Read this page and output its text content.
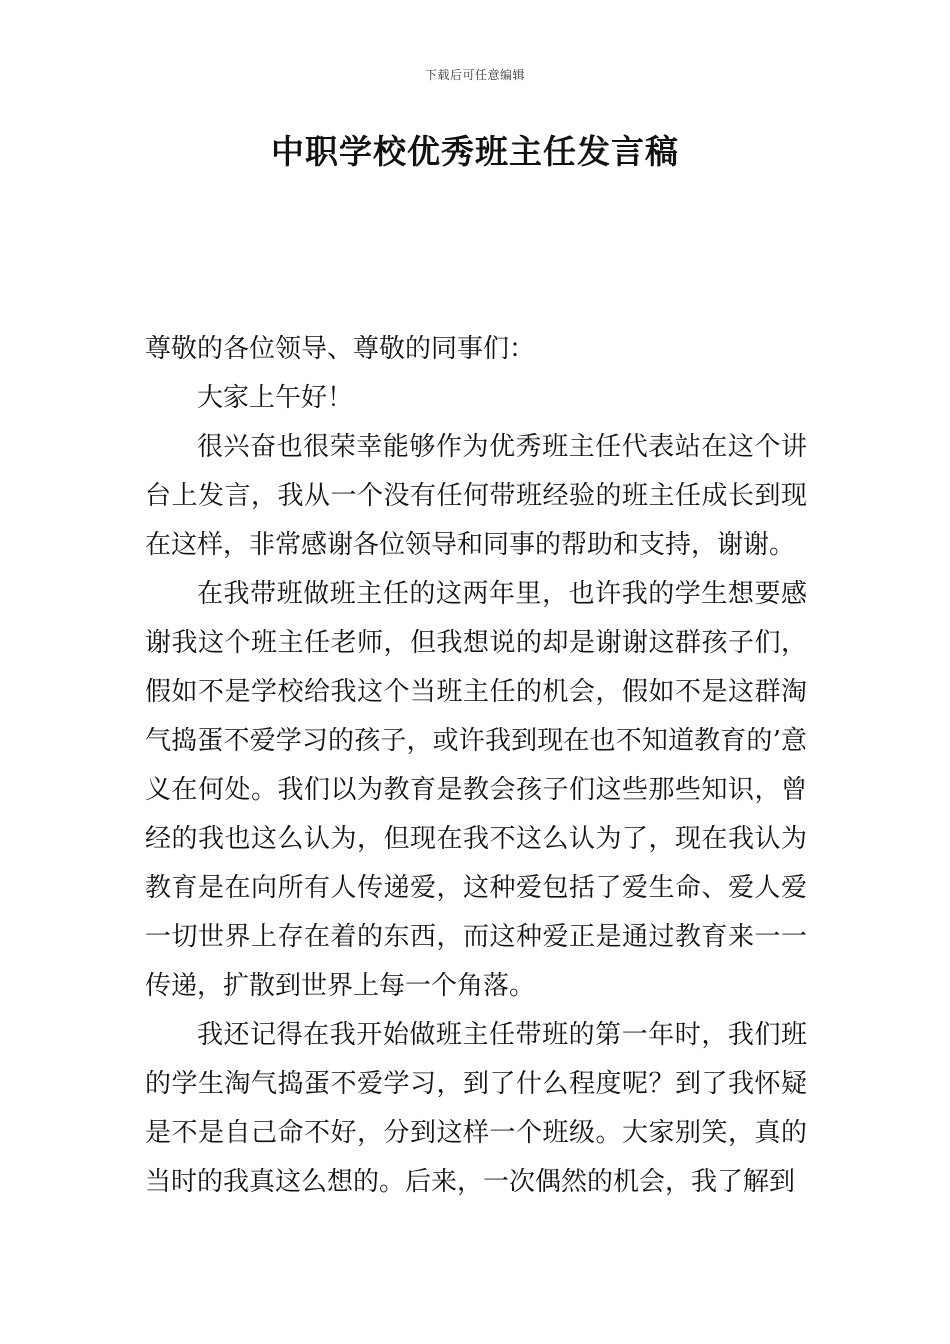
下载后可任意编辑
中职学校优秀班主任发言稿

尊敬的各位领导、尊敬的同事们：

大家上午好！

很兴奋也很荣幸能够作为优秀班主任代表站在这个讲台上发言，我从一个没有任何带班经验的班主任成长到现在这样，非常感谢各位领导和同事的帮助和支持，谢谢。

在我带班做班主任的这两年里，也许我的学生想要感谢我这个班主任老师，但我想说的却是谢谢这群孩子们，假如不是学校给我这个当班主任的机会，假如不是这群淘气捣蛋不爱学习的孩子，或许我到现在也不知道教育的’意义在何处。我们以为教育是教会孩子们这些那些知识，曾经的我也这么认为，但现在我不这么认为了，现在我认为教育是在向所有人传递爱，这种爱包括了爱生命、爱人爱一切世界上存在着的东西，而这种爱正是通过教育来一一传递，扩散到世界上每一个角落。

我还记得在我开始做班主任带班的第一年时，我们班的学生淘气捣蛋不爱学习，到了什么程度呢？到了我怀疑是不是自己命不好，分到这样一个班级。大家别笑，真的当时的我真这么想的。后来，一次偶然的机会，我了解到
